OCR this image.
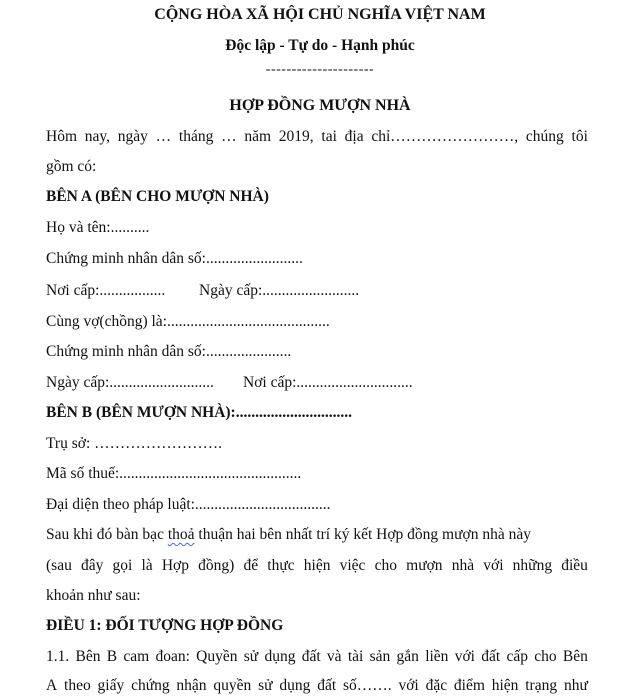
CỘNG HÒA XÃ HỘI CHỦ NGHĨA VIỆT NAM
Độc lập - Tự do - Hạnh phúc
---------------------
HỢP ĐỒNG MƯỢN NHÀ
Hôm nay, ngày … tháng … năm 2019, tai địa chỉ……………………, chúng tôi
gồm có:
BÊN A (BÊN CHO MƯỢN NHÀ)
Họ và tên:..........
Chứng minh nhân dân số:.........................
Nơi cấp:................. Ngày cấp:.........................
Cùng vợ(chồng) là:..........................................
Chứng minh nhân dân số:......................
Ngày cấp:........................... Nơi cấp:..............................
BÊN B (BÊN MƯỢN NHÀ):..............................
Trụ sở: …………………….
Mã số thuế:...............................................
Đại diện theo pháp luật:...................................
Sau khi đó bàn bạc thoả thuận hai bên nhất trí ký kết Hợp đồng mượn nhà này
(sau đây gọi là Hợp đồng) để thực hiện việc cho mượn nhà với những điều
khoản như sau:
ĐIỀU 1: ĐỐI TƯỢNG HỢP ĐỒNG
1.1. Bên B cam đoan: Quyền sử dụng đất và tài sản gắn liền với đất cấp cho Bên
A theo giấy chứng nhận quyền sử dụng đất số……. với đặc điểm hiện trạng như
